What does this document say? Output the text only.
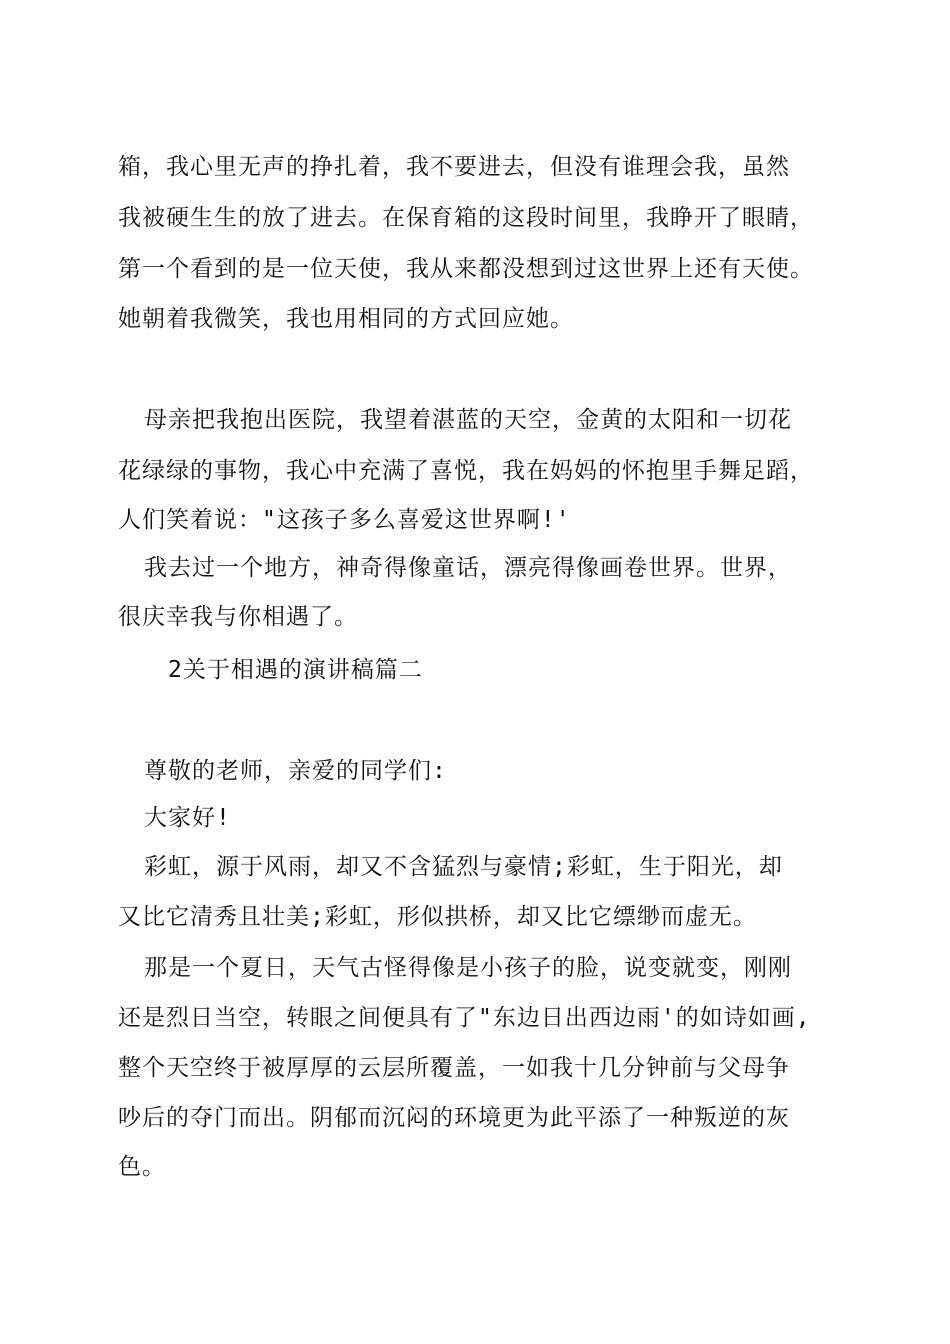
箱，我心里无声的挣扎着，我不要进去，但没有谁理会我，虽然
我被硬生生的放了进去。在保育箱的这段时间里，我睁开了眼睛，
第一个看到的是一位天使，我从来都没想到过这世界上还有天使。
她朝着我微笑，我也用相同的方式回应她。
母亲把我抱出医院，我望着湛蓝的天空，金黄的太阳和一切花
花绿绿的事物，我心中充满了喜悦，我在妈妈的怀抱里手舞足蹈，
人们笑着说："这孩子多么喜爱这世界啊!'
我去过一个地方，神奇得像童话，漂亮得像画卷世界。世界，
很庆幸我与你相遇了。
2关于相遇的演讲稿篇二
尊敬的老师，亲爱的同学们:
大家好!
彩虹，源于风雨，却又不含猛烈与豪情;彩虹，生于阳光，却
又比它清秀且壮美;彩虹，形似拱桥，却又比它缥缈而虚无。
那是一个夏日，天气古怪得像是小孩子的脸，说变就变，刚刚
还是烈日当空，转眼之间便具有了"东边日出西边雨'的如诗如画,
整个天空终于被厚厚的云层所覆盖，一如我十几分钟前与父母争
吵后的夺门而出。阴郁而沉闷的环境更为此平添了一种叛逆的灰
色。
